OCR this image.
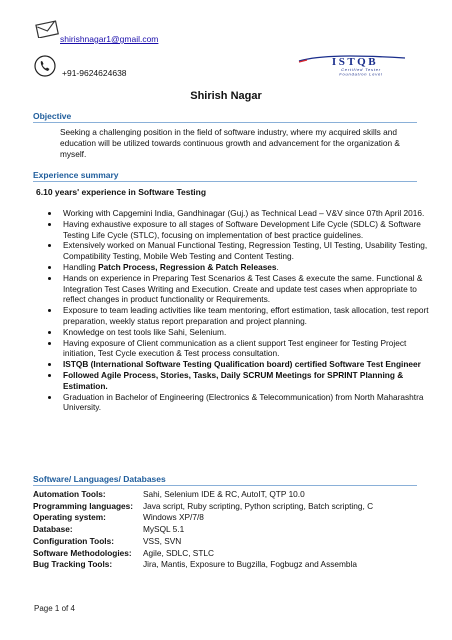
shirishnagar1@gmail.com
+91-9624624638
ISTQB
Certified Tester
Foundation Level
Shirish Nagar
Objective
Seeking a challenging position in the field of software industry, where my acquired skills and education will be utilized towards continuous growth and advancement for the organization & myself.
Experience summary
6.10 years' experience in Software Testing
• Working with Capgemini India, Gandhinagar (Guj.) as Technical Lead – V&V since 07th April 2016.
• Having exhaustive exposure to all stages of Software Development Life Cycle (SDLC) & Software Testing Life Cycle (STLC), focusing on implementation of best practice guidelines.
• Extensively worked on Manual Functional Testing, Regression Testing, UI Testing, Usability Testing, Compatibility Testing, Mobile Web Testing and Content Testing.
• Handling Patch Process, Regression & Patch Releases.
• Hands on experience in Preparing Test Scenarios & Test Cases & execute the same. Functional & Integration Test Cases Writing and Execution. Create and update test cases when appropriate to reflect changes in product functionality or Requirements.
• Exposure to team leading activities like team mentoring, effort estimation, task allocation, test report preparation, weekly status report preparation and project planning.
• Knowledge on test tools like Sahi, Selenium.
• Having exposure of Client communication as a client support Test engineer for Testing Project initiation, Test Cycle execution & Test process consultation.
• ISTQB (International Software Testing Qualification board) certified Software Test Engineer
• Followed Agile Process, Stories, Tasks, Daily SCRUM Meetings for SPRINT Planning & Estimation.
• Graduation in Bachelor of Engineering (Electronics & Telecommunication) from North Maharashtra University.
Software/ Languages/ Databases
Automation Tools:	Sahi, Selenium IDE & RC, AutoIT, QTP 10.0
Programming languages:	Java script, Ruby scripting, Python scripting, Batch scripting, C
Operating system:	Windows XP/7/8
Database:	MySQL 5.1
Configuration Tools:	VSS, SVN
Software Methodologies:	Agile, SDLC, STLC
Bug Tracking Tools:	Jira, Mantis, Exposure to Bugzilla, Fogbugz and Assembla
Page 1 of 4
